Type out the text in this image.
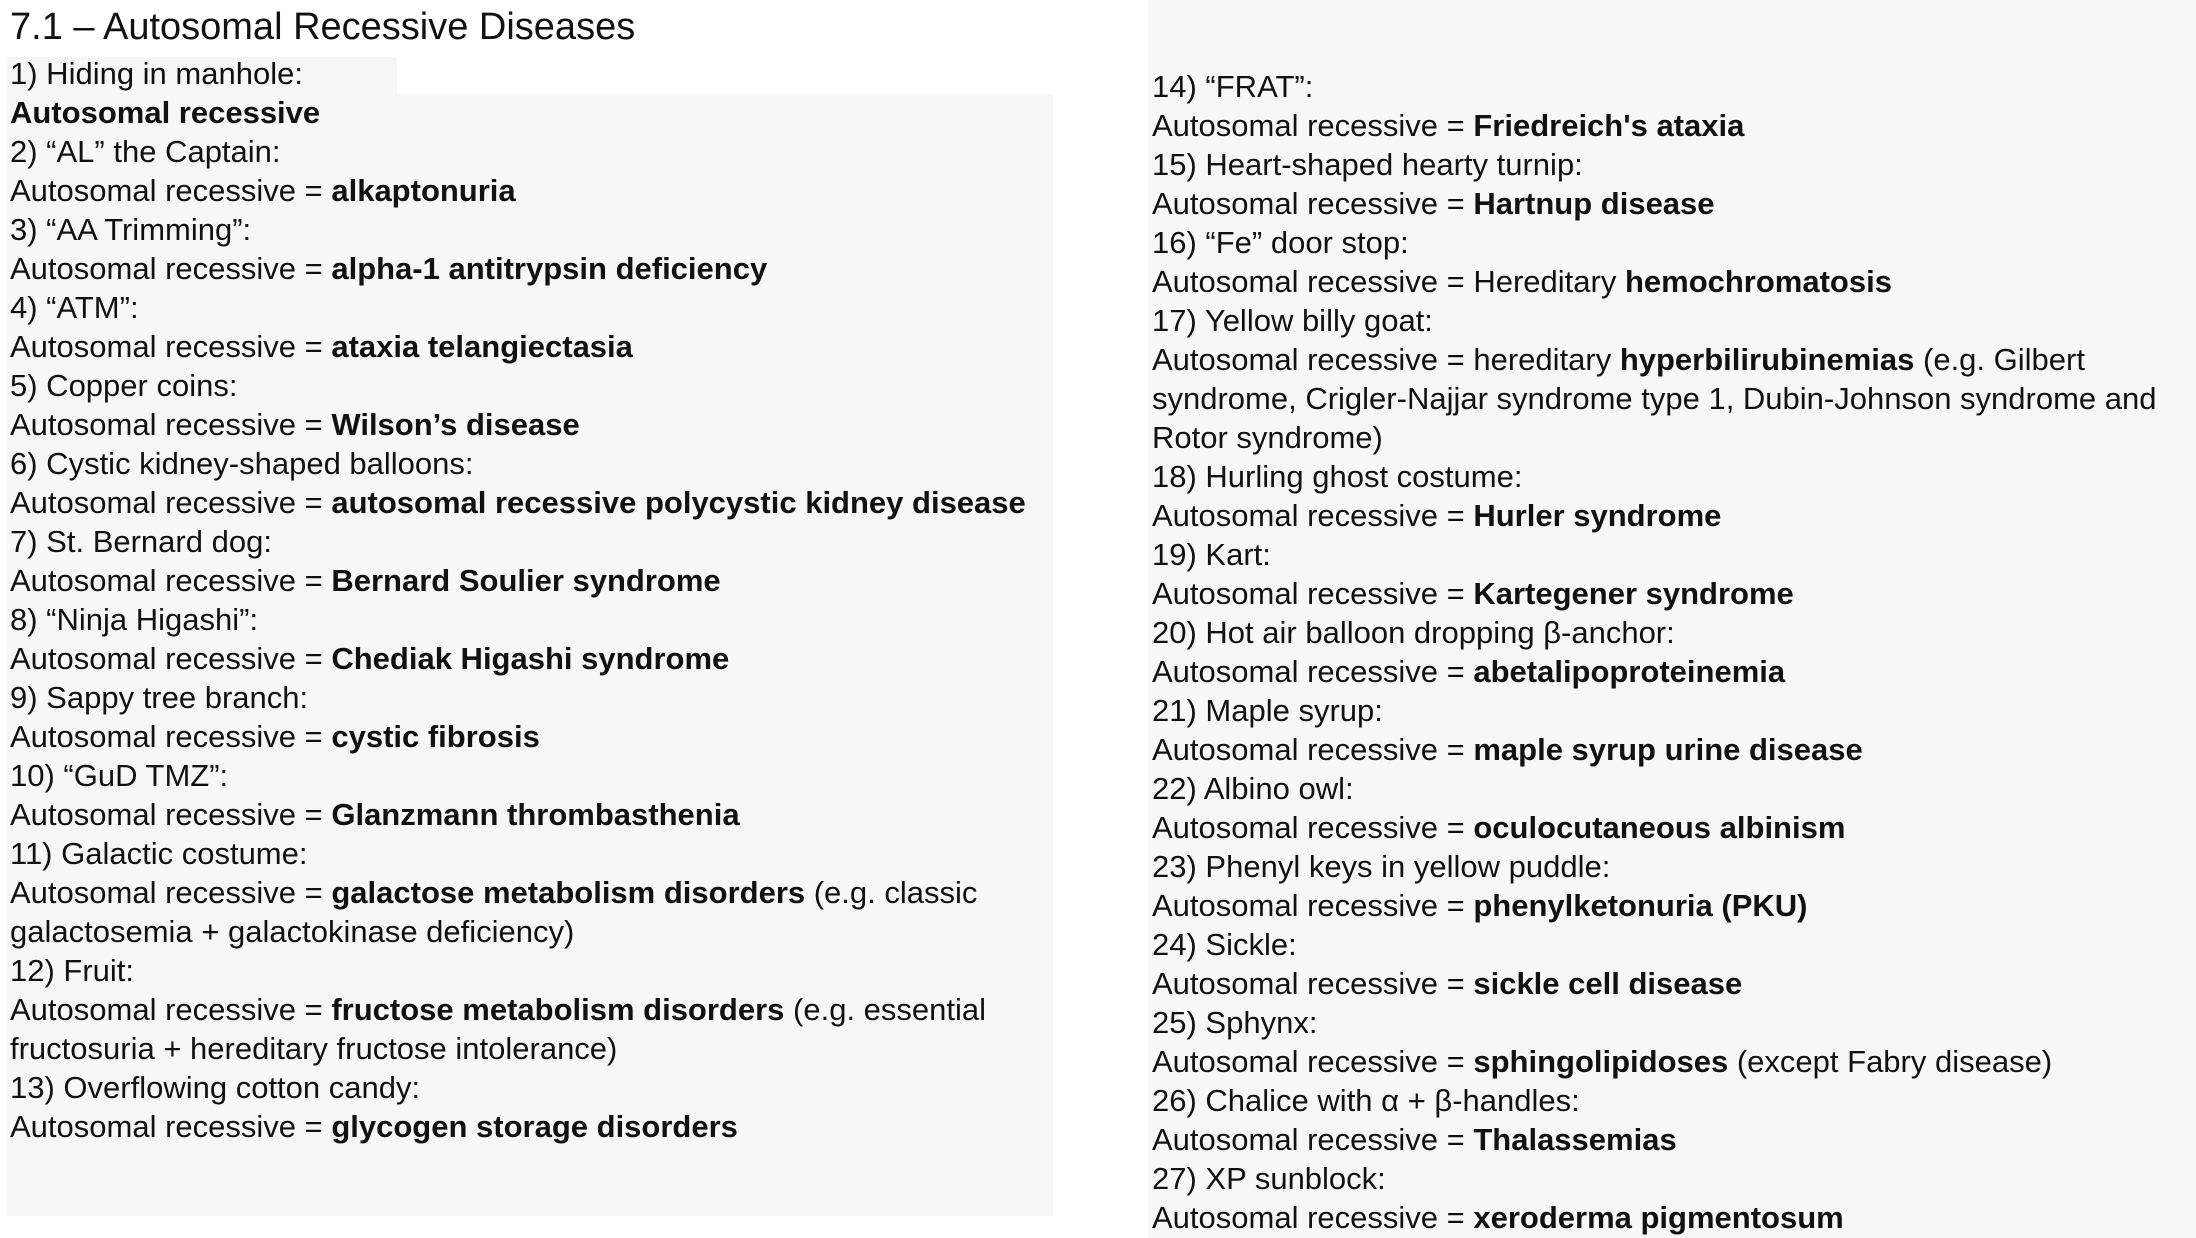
7.1 – Autosomal Recessive Diseases

1) Hiding in manhole:

Autosomal recessive

2) “AL” the Captain:

Autosomal recessive = alkaptonuria

3) “AA Trimming”:

Autosomal recessive = alpha-1 antitrypsin deficiency

4) “ATM”:

Autosomal recessive = ataxia telangiectasia

5) Copper coins:

Autosomal recessive = Wilson’s disease

6) Cystic kidney-shaped balloons:

Autosomal recessive = autosomal recessive polycystic kidney disease

7) St. Bernard dog:

Autosomal recessive = Bernard Soulier syndrome

8) “Ninja Higashi”:

Autosomal recessive = Chediak Higashi syndrome

9) Sappy tree branch:

Autosomal recessive = cystic fibrosis

10) “GuD TMZ”:

Autosomal recessive = Glanzmann thrombasthenia

11) Galactic costume:

Autosomal recessive = galactose metabolism disorders (e.g. classic galactosemia + galactokinase deficiency)

12) Fruit:

Autosomal recessive = fructose metabolism disorders (e.g. essential fructosuria + hereditary fructose intolerance)

13) Overflowing cotton candy:

Autosomal recessive = glycogen storage disorders

14) “FRAT”:

Autosomal recessive = Friedreich's ataxia

15) Heart-shaped hearty turnip:

Autosomal recessive = Hartnup disease

16) “Fe” door stop:

Autosomal recessive = Hereditary hemochromatosis

17) Yellow billy goat:

Autosomal recessive = hereditary hyperbilirubinemias (e.g. Gilbert syndrome, Crigler-Najjar syndrome type 1, Dubin-Johnson syndrome and Rotor syndrome)

18) Hurling ghost costume:

Autosomal recessive = Hurler syndrome

19) Kart:

Autosomal recessive = Kartegener syndrome

20) Hot air balloon dropping β-anchor:

Autosomal recessive = abetalipoproteinemia

21) Maple syrup:

Autosomal recessive = maple syrup urine disease

22) Albino owl:

Autosomal recessive = oculocutaneous albinism

23) Phenyl keys in yellow puddle:

Autosomal recessive = phenylketonuria (PKU)

24) Sickle:

Autosomal recessive = sickle cell disease

25) Sphynx:

Autosomal recessive = sphingolipidoses (except Fabry disease)

26) Chalice with α + β-handles:

Autosomal recessive = Thalassemias

27) XP sunblock:

Autosomal recessive = xeroderma pigmentosum
